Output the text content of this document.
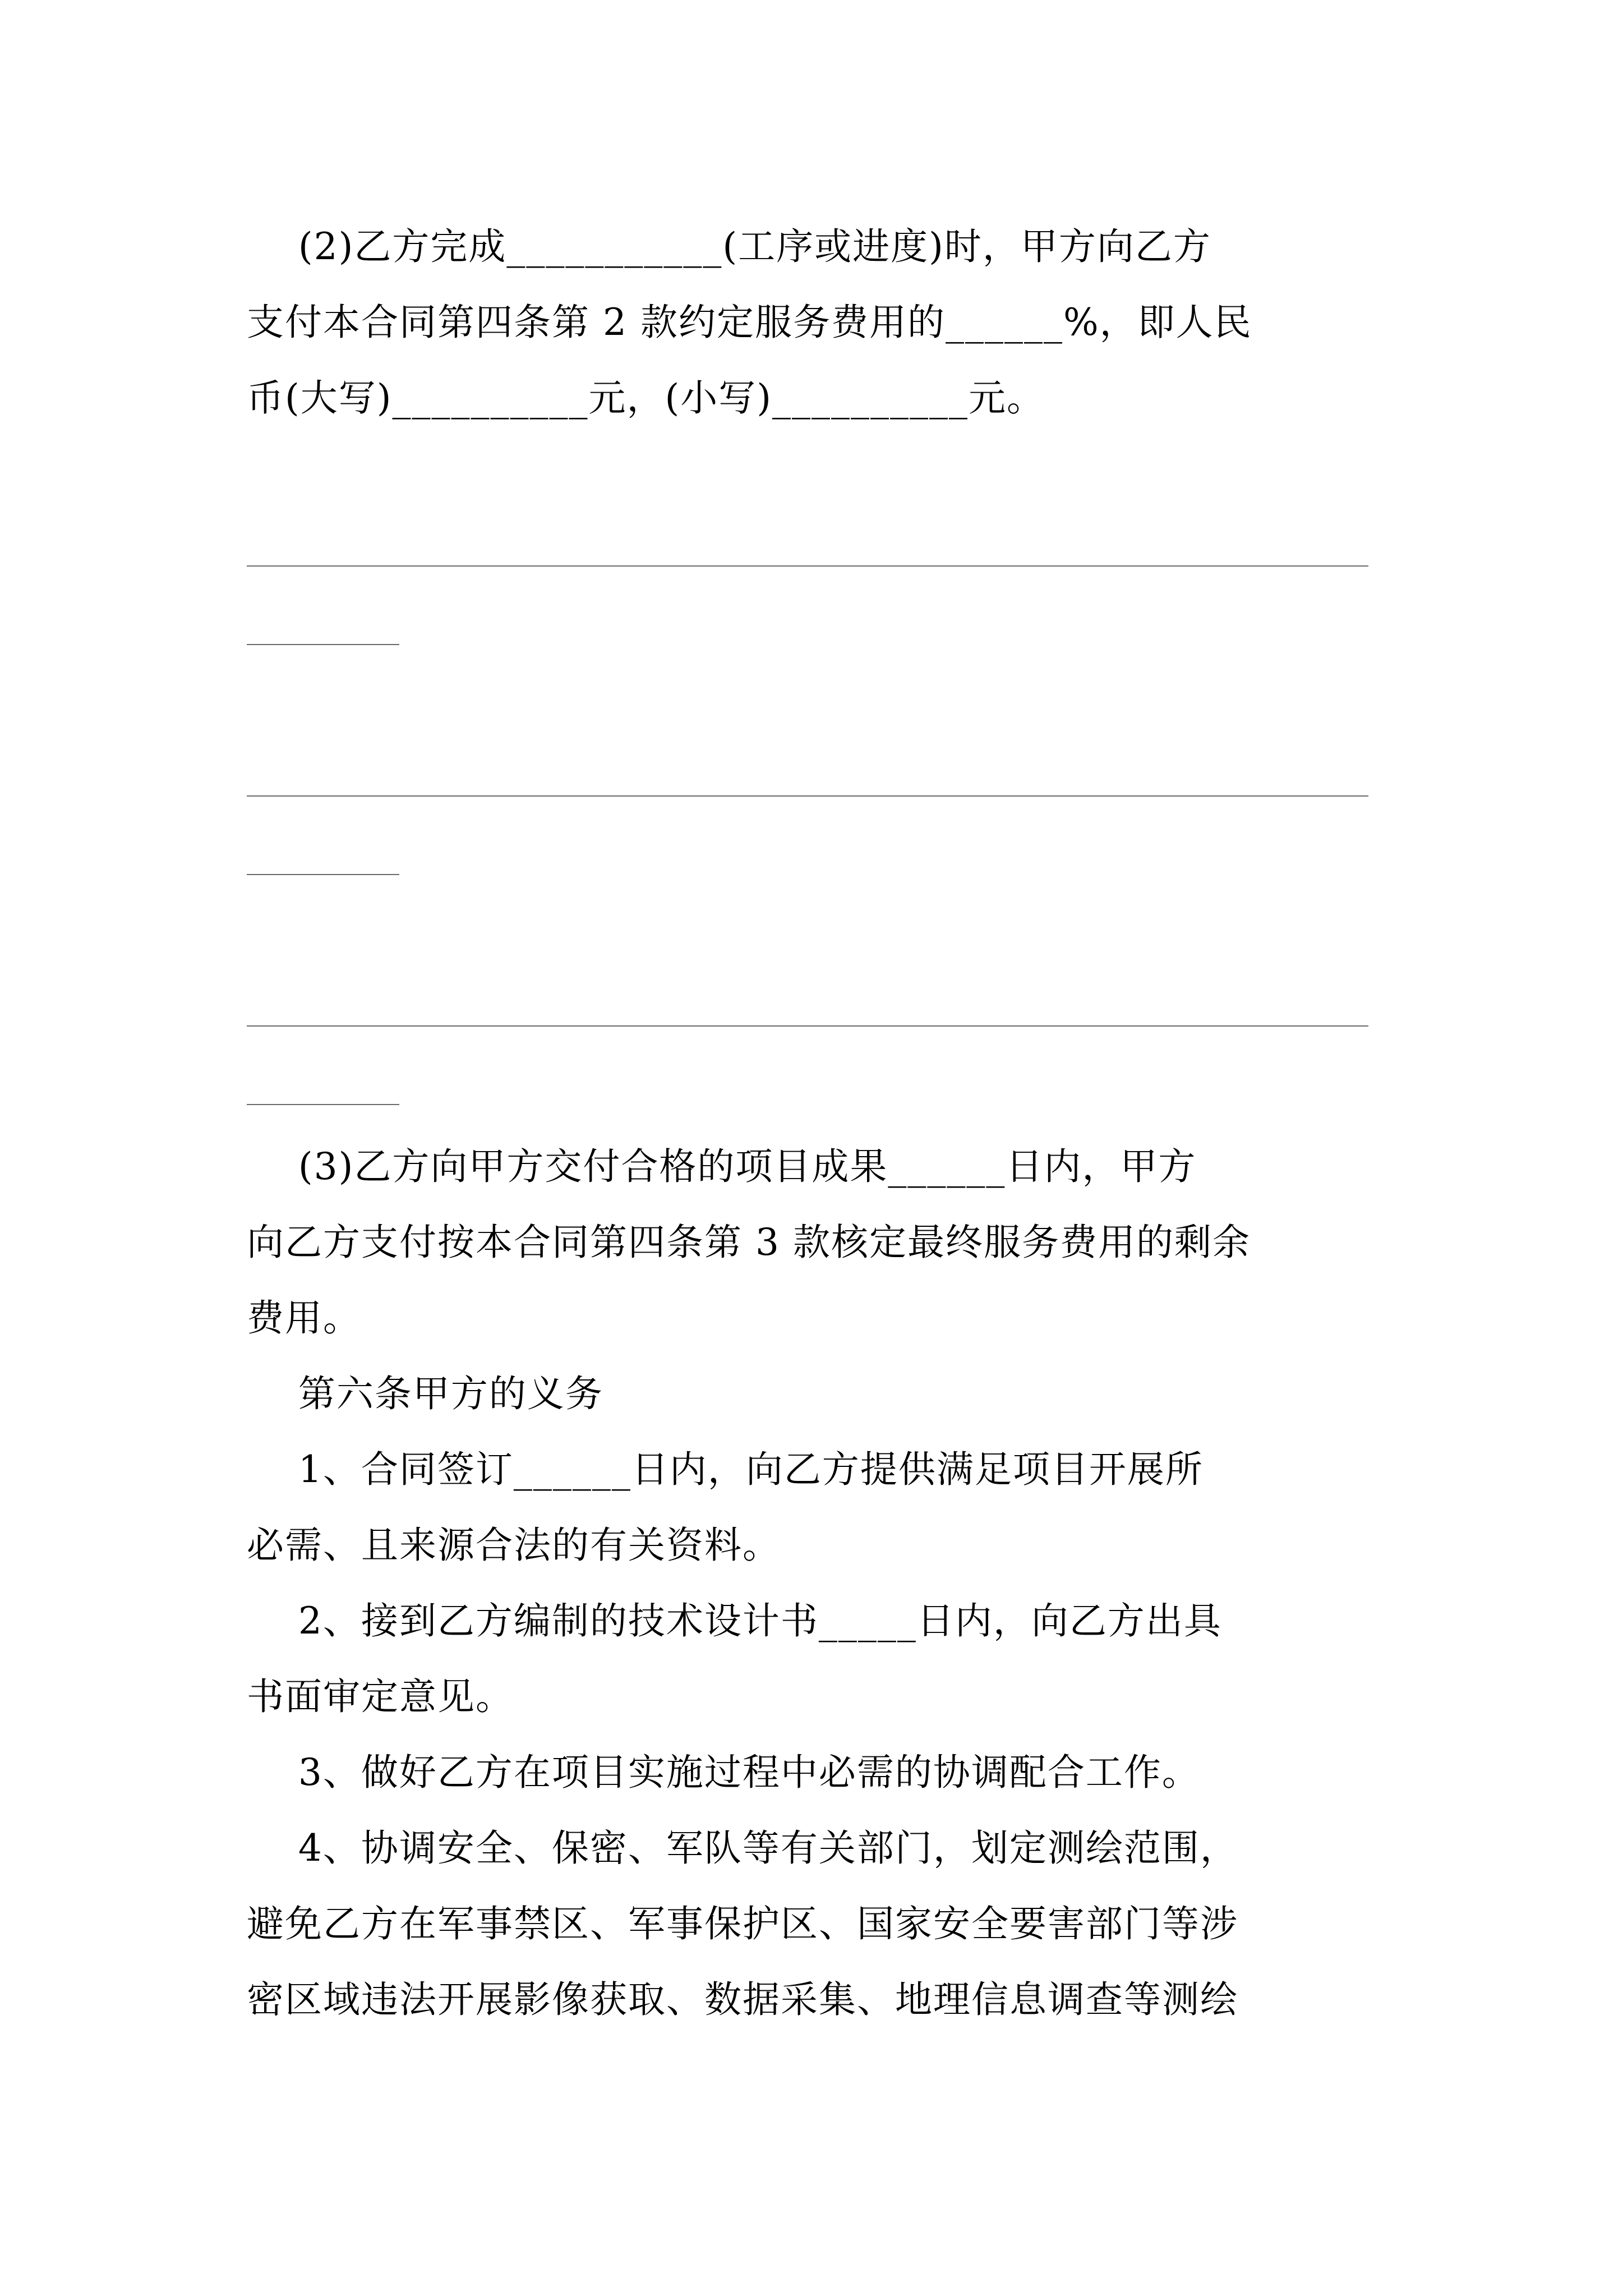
(2)乙方完成___________(工序或进度)时，甲方向乙方
支付本合同第四条第 2 款约定服务费用的______%，即人民
币(大写)__________元，(小写)__________元。
(3)乙方向甲方交付合格的项目成果______日内，甲方
向乙方支付按本合同第四条第 3 款核定最终服务费用的剩余
费用。
第六条甲方的义务
1、合同签订______日内，向乙方提供满足项目开展所
必需、且来源合法的有关资料。
2、接到乙方编制的技术设计书_____日内，向乙方出具
书面审定意见。
3、做好乙方在项目实施过程中必需的协调配合工作。
4、协调安全、保密、军队等有关部门，划定测绘范围，
避免乙方在军事禁区、军事保护区、国家安全要害部门等涉
密区域违法开展影像获取、数据采集、地理信息调查等测绘
